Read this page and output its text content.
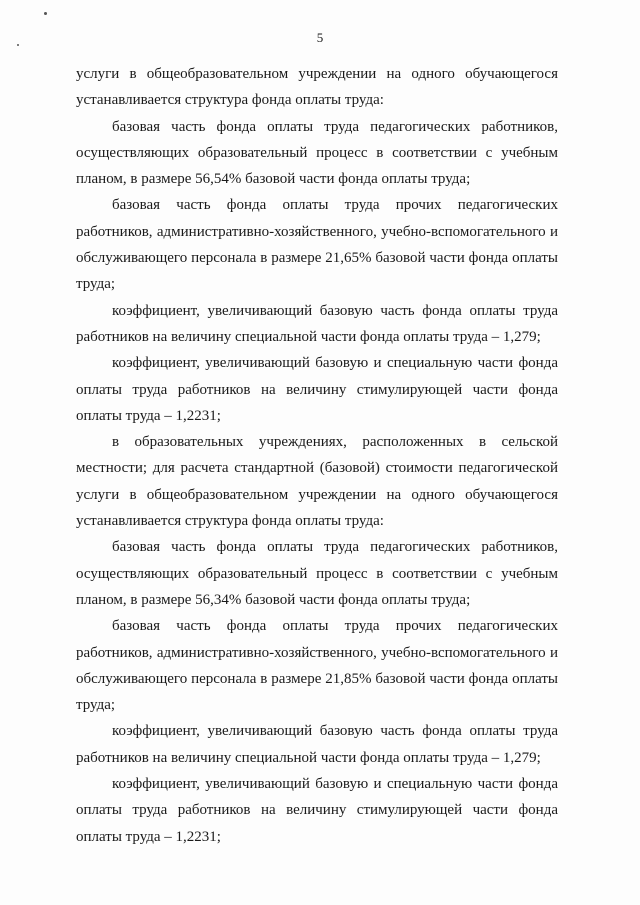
5

услуги в общеобразовательном учреждении на одного обучающегося устанавливается структура фонда оплаты труда:

базовая часть фонда оплаты труда педагогических работников, осуществляющих образовательный процесс в соответствии с учебным планом, в размере 56,54% базовой части фонда оплаты труда;

базовая часть фонда оплаты труда прочих педагогических работников, административно-хозяйственного, учебно-вспомогательного и обслуживающего персонала в размере 21,65% базовой части фонда оплаты труда;

коэффициент, увеличивающий базовую часть фонда оплаты труда работников на величину специальной части фонда оплаты труда – 1,279;

коэффициент, увеличивающий базовую и специальную части фонда оплаты труда работников на величину стимулирующей части фонда оплаты труда – 1,2231;

в образовательных учреждениях, расположенных в сельской местности; для расчета стандартной (базовой) стоимости педагогической услуги в общеобразовательном учреждении на одного обучающегося устанавливается структура фонда оплаты труда:

базовая часть фонда оплаты труда педагогических работников, осуществляющих образовательный процесс в соответствии с учебным планом, в размере 56,34% базовой части фонда оплаты труда;

базовая часть фонда оплаты труда прочих педагогических работников, административно-хозяйственного, учебно-вспомогательного и обслуживающего персонала в размере 21,85% базовой части фонда оплаты труда;

коэффициент, увеличивающий базовую часть фонда оплаты труда работников на величину специальной части фонда оплаты труда – 1,279;

коэффициент, увеличивающий базовую и специальную части фонда оплаты труда работников на величину стимулирующей части фонда оплаты труда – 1,2231;
